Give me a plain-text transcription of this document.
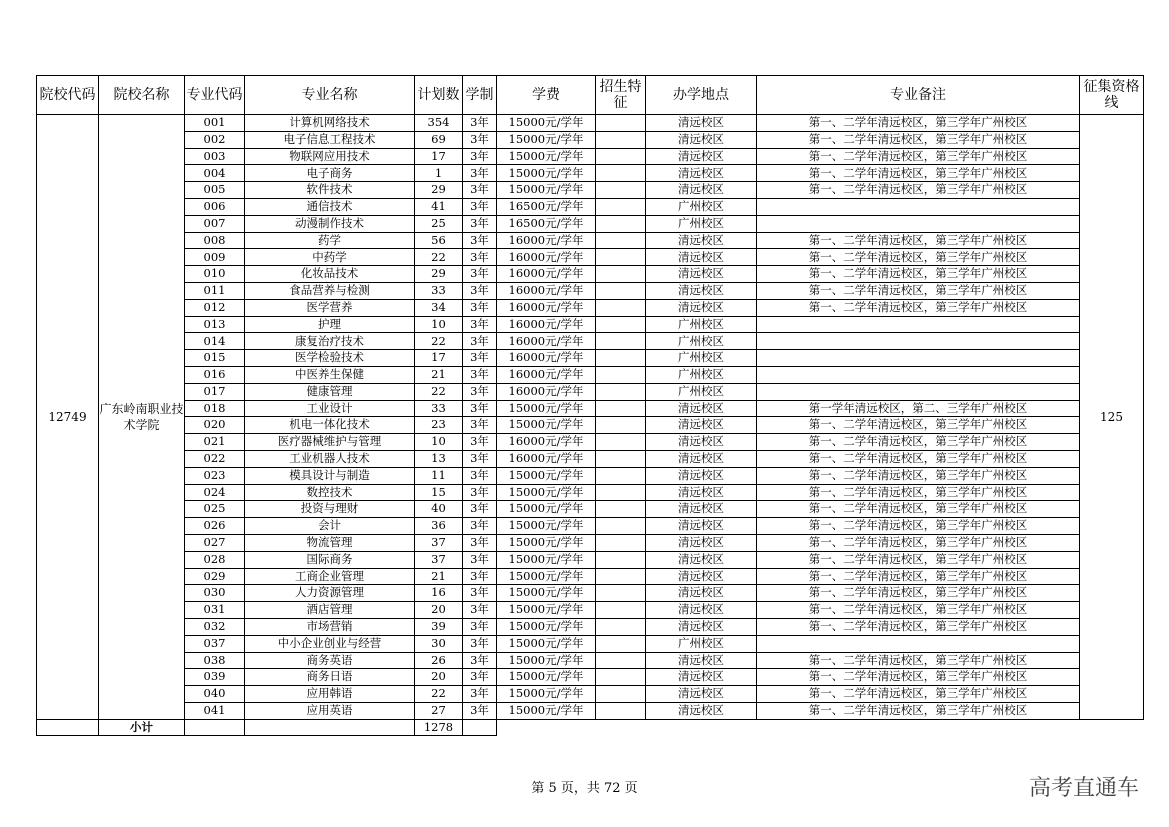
院校代码	院校名称	专业代码	专业名称	计划数	学制	学费	招生特征	办学地点	专业备注	征集资格线
12749	广东岭南职业技术学院	001	计算机网络技术	354	3年	15000元/学年		清远校区	第一、二学年清远校区，第三学年广州校区	125
		002	电子信息工程技术	69	3年	15000元/学年		清远校区	第一、二学年清远校区，第三学年广州校区	
		003	物联网应用技术	17	3年	15000元/学年		清远校区	第一、二学年清远校区，第三学年广州校区	
		004	电子商务	1	3年	15000元/学年		清远校区	第一、二学年清远校区，第三学年广州校区	
		005	软件技术	29	3年	15000元/学年		清远校区	第一、二学年清远校区，第三学年广州校区	
		006	通信技术	41	3年	16500元/学年		广州校区		
		007	动漫制作技术	25	3年	16500元/学年		广州校区		
		008	药学	56	3年	16000元/学年		清远校区	第一、二学年清远校区，第三学年广州校区	
		009	中药学	22	3年	16000元/学年		清远校区	第一、二学年清远校区，第三学年广州校区	
		010	化妆品技术	29	3年	16000元/学年		清远校区	第一、二学年清远校区，第三学年广州校区	
		011	食品营养与检测	33	3年	16000元/学年		清远校区	第一、二学年清远校区，第三学年广州校区	
		012	医学营养	34	3年	16000元/学年		清远校区	第一、二学年清远校区，第三学年广州校区	
		013	护理	10	3年	16000元/学年		广州校区		
		014	康复治疗技术	22	3年	16000元/学年		广州校区		
		015	医学检验技术	17	3年	16000元/学年		广州校区		
		016	中医养生保健	21	3年	16000元/学年		广州校区		
		017	健康管理	22	3年	16000元/学年		广州校区		
		018	工业设计	33	3年	15000元/学年		清远校区	第一学年清远校区，第二、三学年广州校区	
		020	机电一体化技术	23	3年	15000元/学年		清远校区	第一、二学年清远校区，第三学年广州校区	
		021	医疗器械维护与管理	10	3年	16000元/学年		清远校区	第一、二学年清远校区，第三学年广州校区	
		022	工业机器人技术	13	3年	16000元/学年		清远校区	第一、二学年清远校区，第三学年广州校区	
		023	模具设计与制造	11	3年	15000元/学年		清远校区	第一、二学年清远校区，第三学年广州校区	
		024	数控技术	15	3年	15000元/学年		清远校区	第一、二学年清远校区，第三学年广州校区	
		025	投资与理财	40	3年	15000元/学年		清远校区	第一、二学年清远校区，第三学年广州校区	
		026	会计	36	3年	15000元/学年		清远校区	第一、二学年清远校区，第三学年广州校区	
		027	物流管理	37	3年	15000元/学年		清远校区	第一、二学年清远校区，第三学年广州校区	
		028	国际商务	37	3年	15000元/学年		清远校区	第一、二学年清远校区，第三学年广州校区	
		029	工商企业管理	21	3年	15000元/学年		清远校区	第一、二学年清远校区，第三学年广州校区	
		030	人力资源管理	16	3年	15000元/学年		清远校区	第一、二学年清远校区，第三学年广州校区	
		031	酒店管理	20	3年	15000元/学年		清远校区	第一、二学年清远校区，第三学年广州校区	
		032	市场营销	39	3年	15000元/学年		清远校区	第一、二学年清远校区，第三学年广州校区	
		037	中小企业创业与经营	30	3年	15000元/学年		广州校区		
		038	商务英语	26	3年	15000元/学年		清远校区	第一、二学年清远校区，第三学年广州校区	
		039	商务日语	20	3年	15000元/学年		清远校区	第一、二学年清远校区，第三学年广州校区	
		040	应用韩语	22	3年	15000元/学年		清远校区	第一、二学年清远校区，第三学年广州校区	
		041	应用英语	27	3年	15000元/学年		清远校区	第一、二学年清远校区，第三学年广州校区	
	小计			1278						
第 5 页，共 72 页	高考直通车
